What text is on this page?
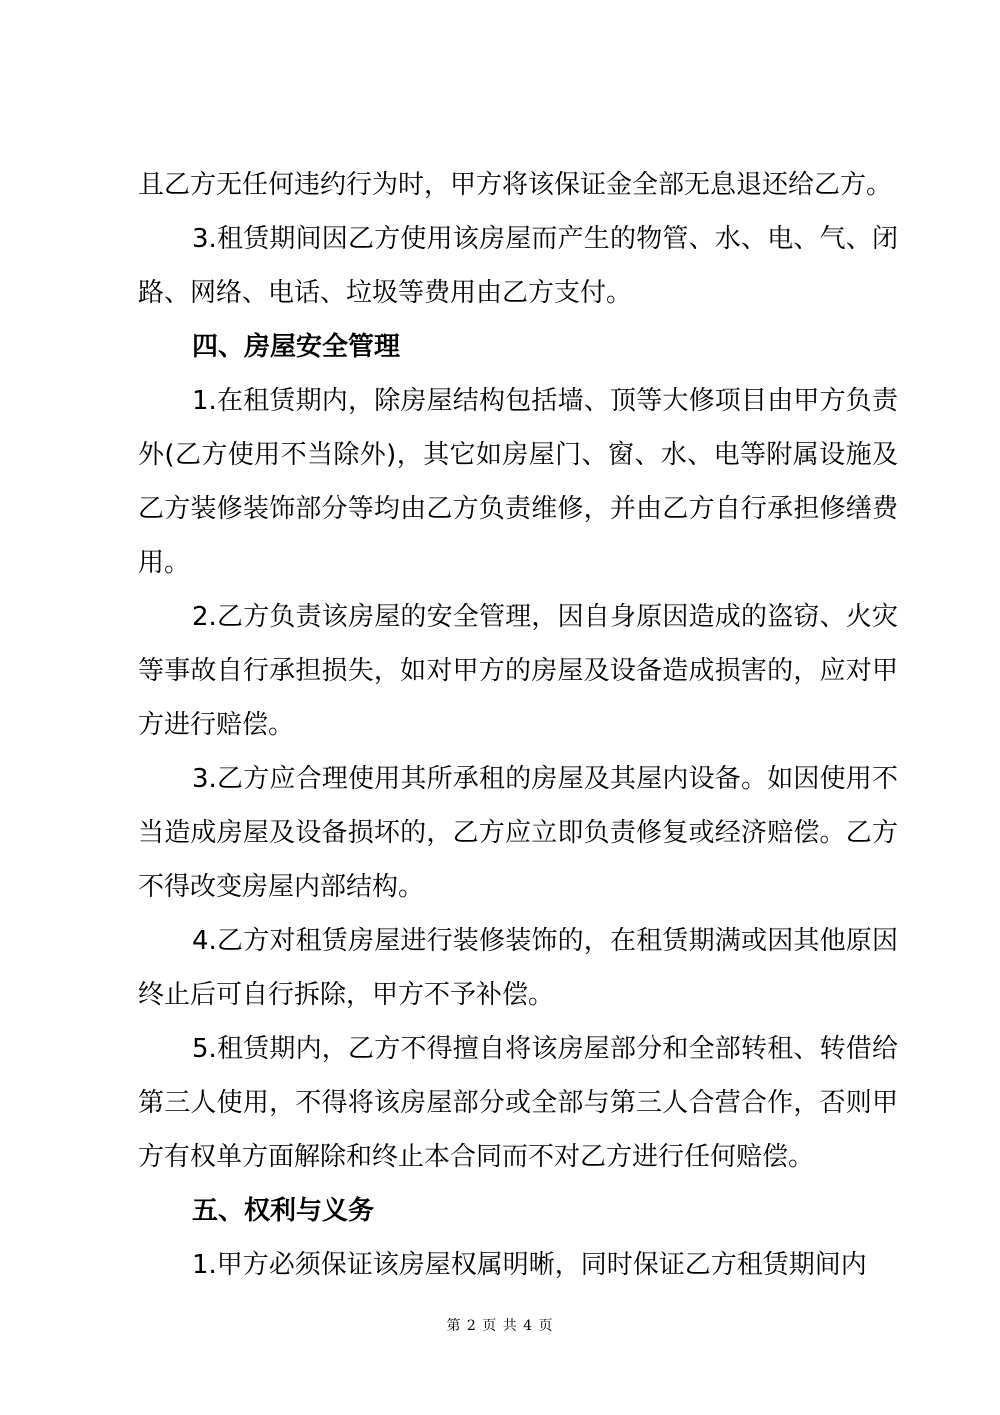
且乙方无任何违约行为时，甲方将该保证金全部无息退还给乙方。

3.租赁期间因乙方使用该房屋而产生的物管、水、电、气、闭路、网络、电话、垃圾等费用由乙方支付。

四、房屋安全管理

1.在租赁期内，除房屋结构包括墙、顶等大修项目由甲方负责外(乙方使用不当除外)，其它如房屋门、窗、水、电等附属设施及乙方装修装饰部分等均由乙方负责维修，并由乙方自行承担修缮费用。

2.乙方负责该房屋的安全管理，因自身原因造成的盗窃、火灾等事故自行承担损失，如对甲方的房屋及设备造成损害的，应对甲方进行赔偿。

3.乙方应合理使用其所承租的房屋及其屋内设备。如因使用不当造成房屋及设备损坏的，乙方应立即负责修复或经济赔偿。乙方不得改变房屋内部结构。

4.乙方对租赁房屋进行装修装饰的，在租赁期满或因其他原因终止后可自行拆除，甲方不予补偿。

5.租赁期内，乙方不得擅自将该房屋部分和全部转租、转借给第三人使用，不得将该房屋部分或全部与第三人合营合作，否则甲方有权单方面解除和终止本合同而不对乙方进行任何赔偿。

五、权利与义务

1.甲方必须保证该房屋权属明晰，同时保证乙方租赁期间内

第 2 页 共 4 页
